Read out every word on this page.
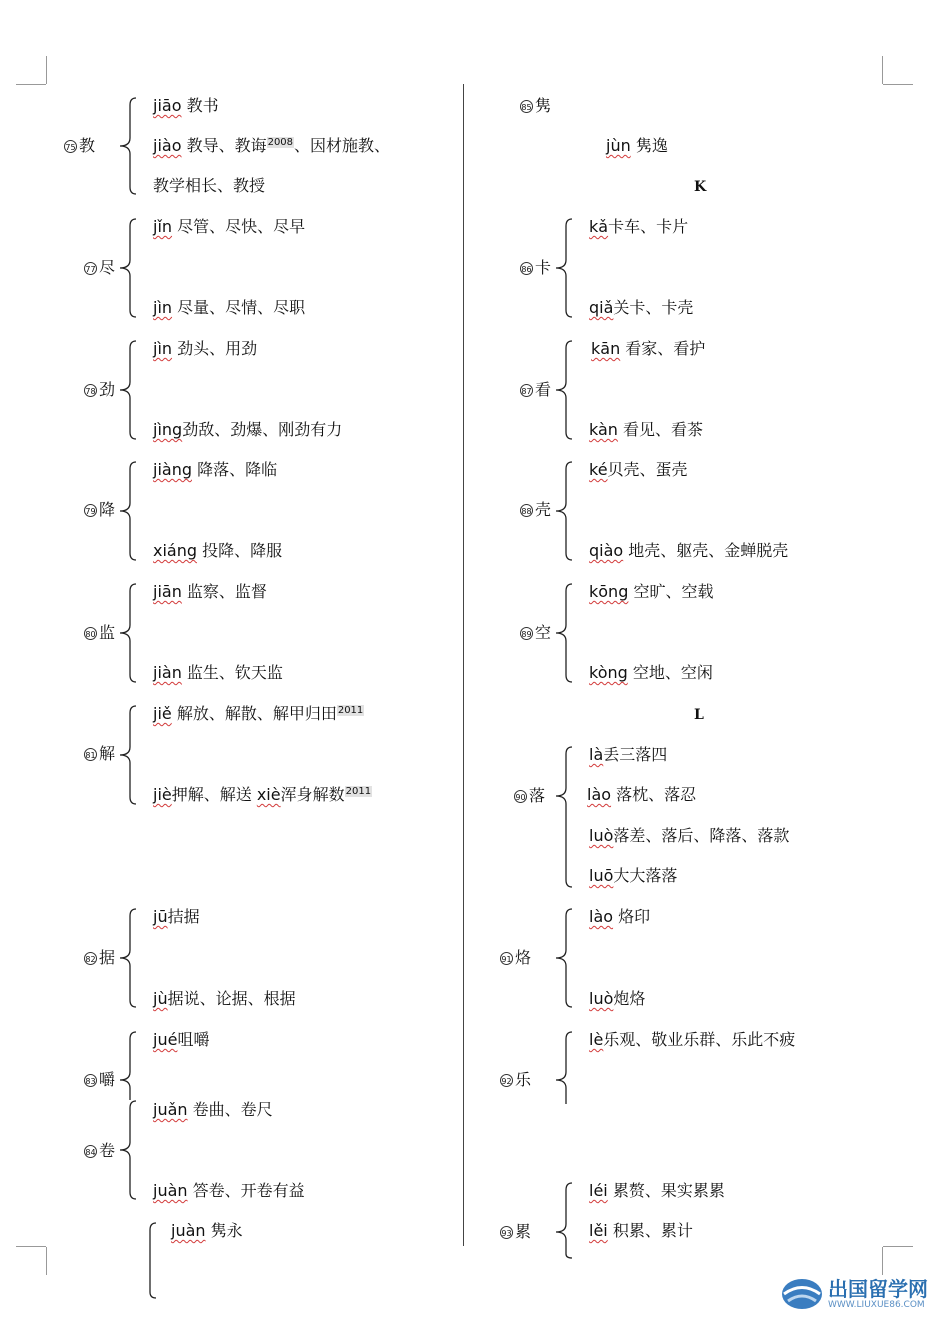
75 教
jiāo 教书
jiào 教导、教诲$^{2008}$、因材施教、
教学相长、教授
77 尽
jǐn 尽管、尽快、尽早
jìn 尽量、尽情、尽职
78 劲
jìn 劲头、用劲
jìng劲敌、劲爆、刚劲有力
79 降
jiàng 降落、降临
xiáng 投降、降服
80 监
jiān 监察、监督
jiàn 监生、钦天监
81 解
jiě 解放、解散、解甲归田$^{2011}$
jiè押解、解送 xiè浑身解数$^{2011}$
82 据
jū拮据
jù据说、论据、根据
83 嚼
jué咀嚼
84 卷
juǎn 卷曲、卷尺
juàn 答卷、开卷有益
juàn 隽永
85 隽
jùn 隽逸
K
86 卡
kǎ卡车、卡片
qiǎ关卡、卡壳
87 看
kān 看家、看护
kàn 看见、看茶
88 壳
ké贝壳、蛋壳
qiào 地壳、躯壳、金蝉脱壳
89 空
kōng 空旷、空载
kòng 空地、空闲
L
90 落
là丢三落四
lào 落枕、落忍
luò落差、落后、降落、落款
luō大大落落
91 烙
lào 烙印
luò炮烙
92 乐
lè乐观、敬业乐群、乐此不疲
93 累
léi 累赘、果实累累
lěi 积累、累计
出国留学网
WWW.LIUXUE86.COM
